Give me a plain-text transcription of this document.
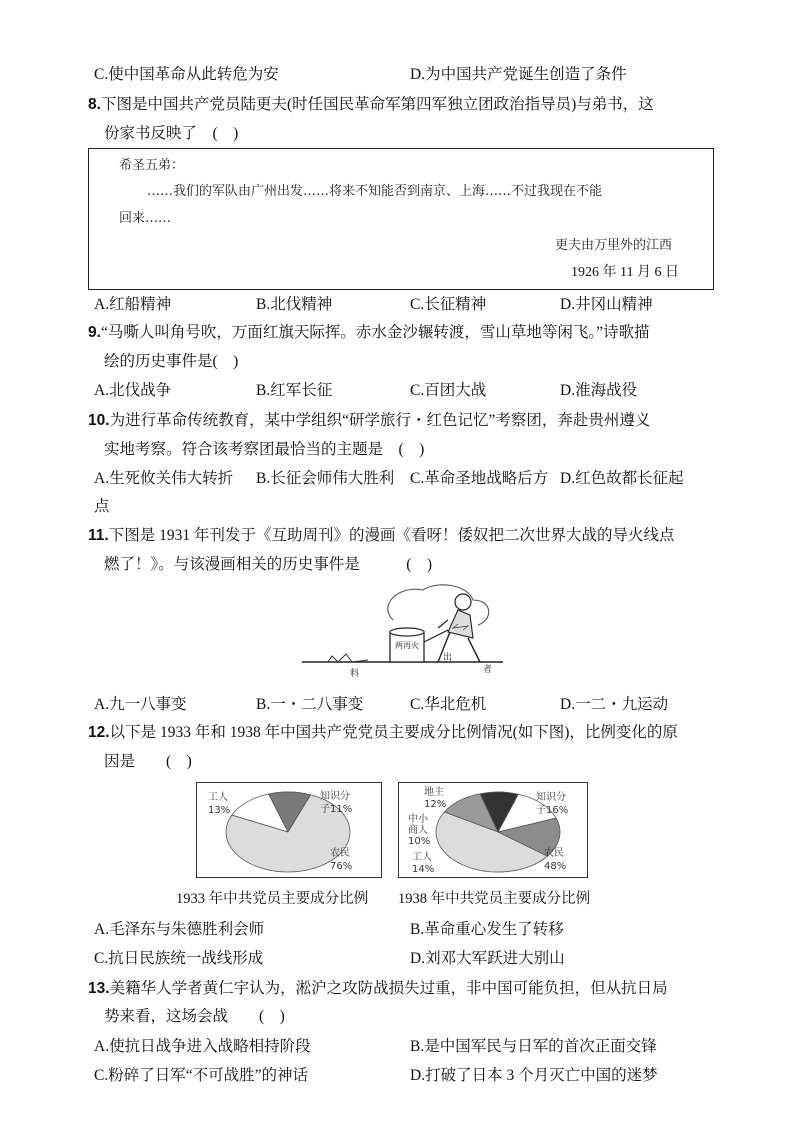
C.使中国革命从此转危为安	D.为中国共产党诞生创造了条件
8.下图是中国共产党员陆更夫(时任国民革命军第四军独立团政治指导员)与弟书，这
份家书反映了　(　)
希圣五弟：
……我们的军队由广州出发……将来不知能否到南京、上海……不过我现在不能
回来……
更夫由万里外的江西
1926 年 11 月 6 日
A.红船精神	B.北伐精神	C.长征精神	D.井冈山精神
9.“马嘶人叫角号吹，万面红旗天际挥。赤水金沙辗转渡，雪山草地等闲飞。”诗歌描
绘的历史事件是(　)
A.北伐战争	B.红军长征	C.百团大战	D.淮海战役
10.为进行革命传统教育，某中学组织“研学旅行・红色记忆”考察团，奔赴贵州遵义
实地考察。符合该考察团最恰当的主题是　(　)
A.生死攸关伟大转折 B.长征会师伟大胜利 C.革命圣地战略后方 D.红色故都长征起
点
11.下图是 1931 年刊发于《互助周刊》的漫画《看呀！倭奴把二次世界大战的导火线点
燃了！》。与该漫画相关的历史事件是　　　(　)
两再火
料
出
者
A.九一八事变	B.一・二八事变	C.华北危机	D.一二・九运动
12.以下是 1933 年和 1938 年中国共产党党员主要成分比例情况(如下图)，比例变化的原
因是　　(　)
工人
13%
知识分
子11%
农民
76%
地主
12%
中小
商人
10%
工人
14%
知识分
子16%
农民
48%
1933 年中共党员主要成分比例 1938 年中共党员主要成分比例
A.毛泽东与朱德胜利会师	B.革命重心发生了转移
C.抗日民族统一战线形成	D.刘邓大军跃进大别山
13.美籍华人学者黄仁宇认为，淞沪之攻防战损失过重，非中国可能负担，但从抗日局
势来看，这场会战　　(　)
A.使抗日战争进入战略相持阶段	B.是中国军民与日军的首次正面交锋
C.粉碎了日军“不可战胜”的神话	D.打破了日本 3 个月灭亡中国的迷梦
